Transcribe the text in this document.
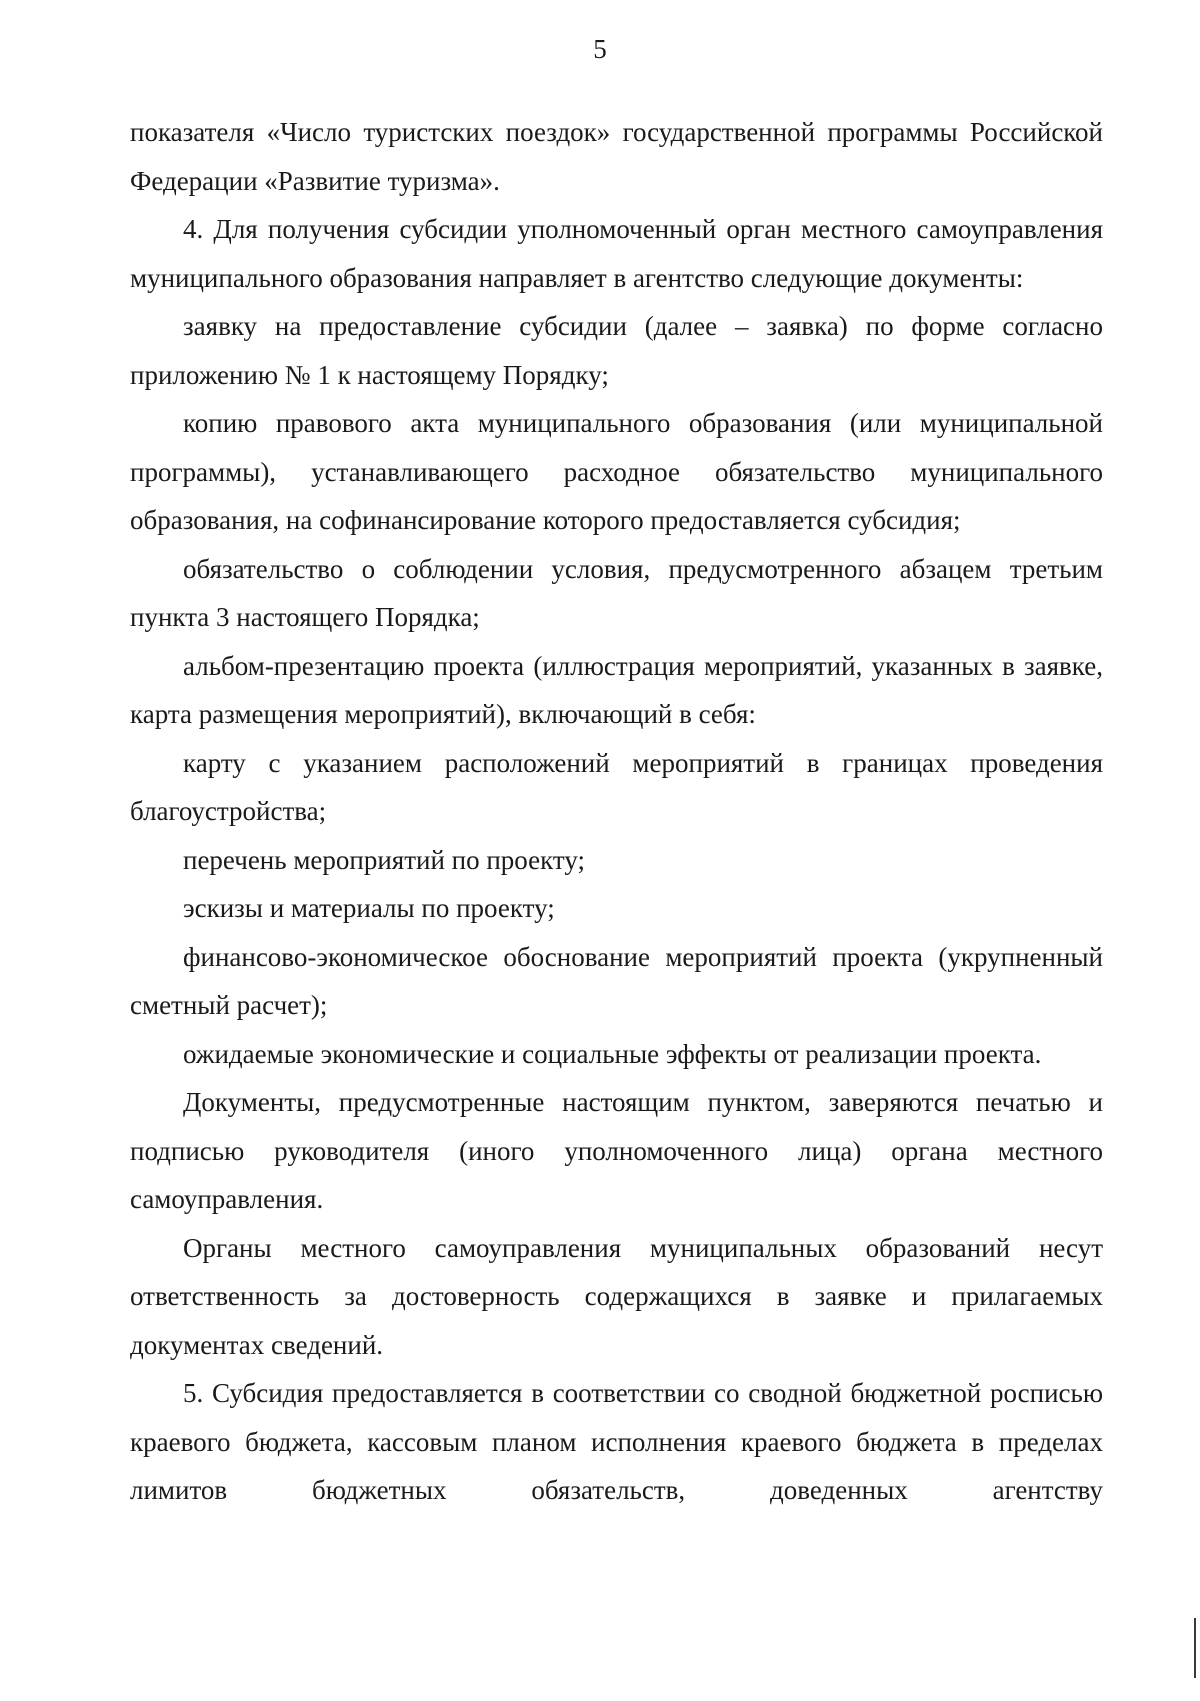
5

показателя «Число туристских поездок» государственной программы Российской Федерации «Развитие туризма».

4. Для получения субсидии уполномоченный орган местного самоуправления муниципального образования направляет в агентство следующие документы:

заявку на предоставление субсидии (далее – заявка) по форме согласно приложению № 1 к настоящему Порядку;

копию правового акта муниципального образования (или муниципальной программы), устанавливающего расходное обязательство муниципального образования, на софинансирование которого предоставляется субсидия;

обязательство о соблюдении условия, предусмотренного абзацем третьим пункта 3 настоящего Порядка;

альбом-презентацию проекта (иллюстрация мероприятий, указанных в заявке, карта размещения мероприятий), включающий в себя:

карту с указанием расположений мероприятий в границах проведения благоустройства;

перечень мероприятий по проекту;

эскизы и материалы по проекту;

финансово-экономическое обоснование мероприятий проекта (укрупненный сметный расчет);

ожидаемые экономические и социальные эффекты от реализации проекта.

Документы, предусмотренные настоящим пунктом, заверяются печатью и подписью руководителя (иного уполномоченного лица) органа местного самоуправления.

Органы местного самоуправления муниципальных образований несут ответственность за достоверность содержащихся в заявке и прилагаемых документах сведений.

5. Субсидия предоставляется в соответствии со сводной бюджетной росписью краевого бюджета, кассовым планом исполнения краевого бюджета в пределах лимитов бюджетных обязательств, доведенных агентству
